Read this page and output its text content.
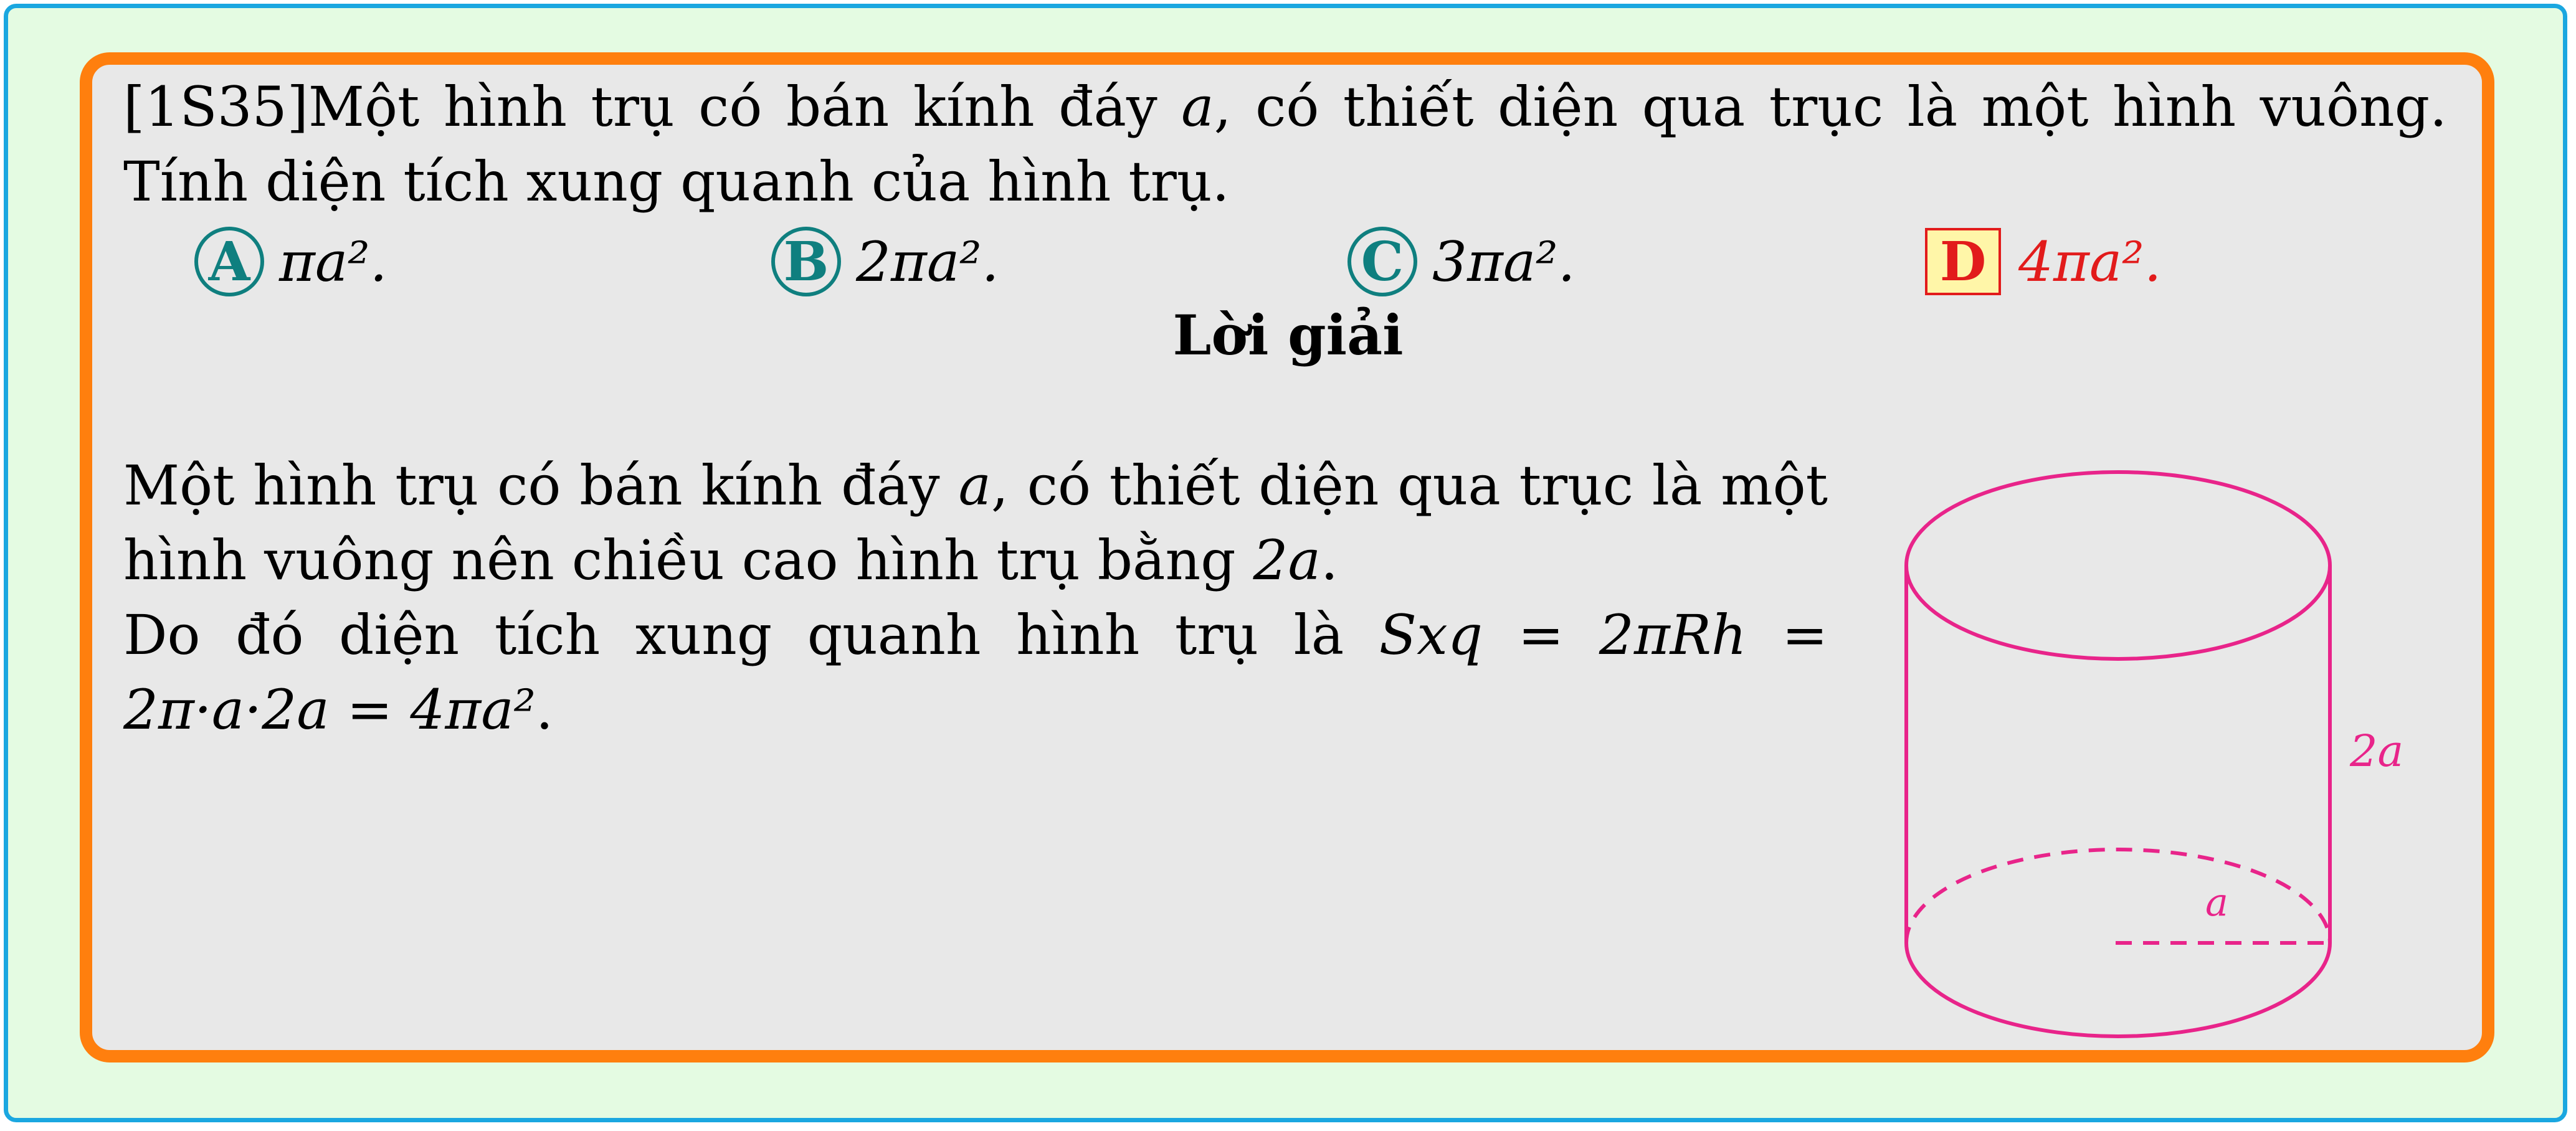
[1S35]Một hình trụ có bán kính đáy a, có thiết diện qua trục là một hình vuông. Tính diện tích xung quanh của hình trụ.
A πa².	B 2πa².	C 3πa².	D 4πa².
Lời giải
Một hình trụ có bán kính đáy a, có thiết diện qua trục là một hình vuông nên chiều cao hình trụ bằng 2a.
Do đó diện tích xung quanh hình trụ là Sxq = 2πRh = 2π·a·2a = 4πa².
2a
a
